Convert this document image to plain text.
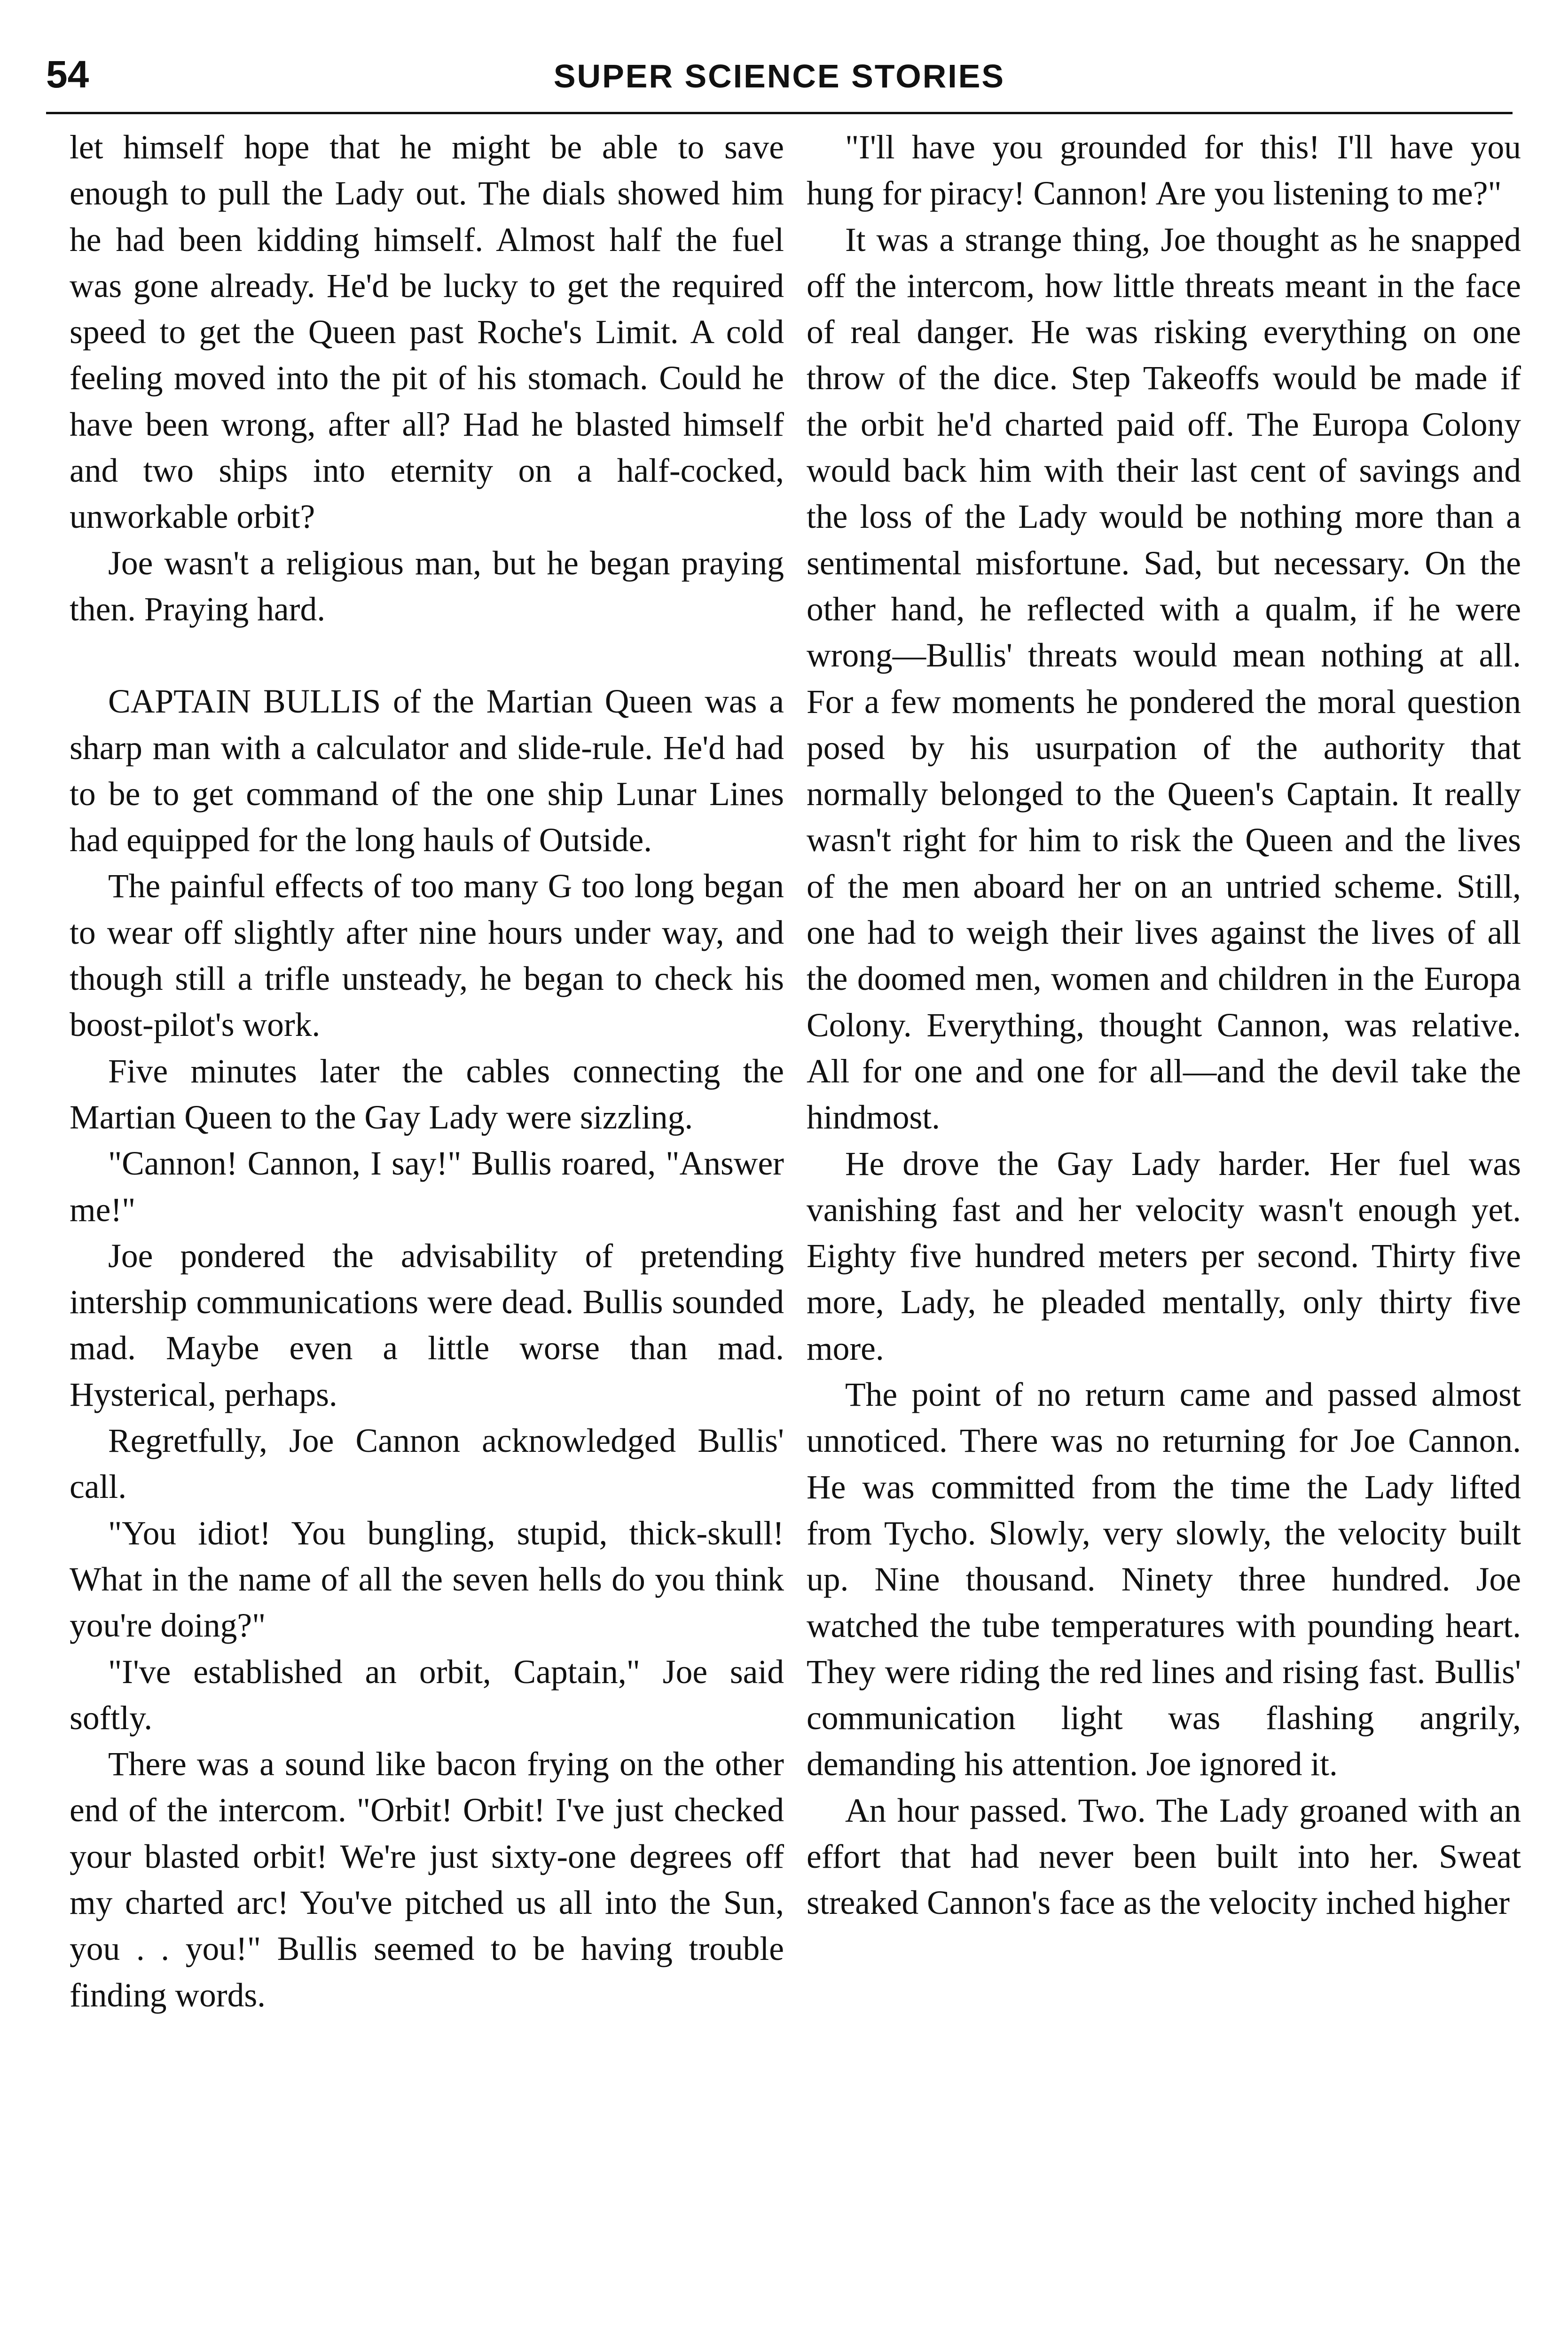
54	SUPER SCIENCE STORIES

let himself hope that he might be able to save enough to pull the Lady out. The dials showed him he had been kidding himself. Almost half the fuel was gone already. He'd be lucky to get the required speed to get the Queen past Roche's Limit. A cold feeling moved into the pit of his stomach. Could he have been wrong, after all? Had he blasted himself and two ships into eternity on a half-cocked, unworkable orbit?

Joe wasn't a religious man, but he began praying then. Praying hard.

CAPTAIN BULLIS of the Martian Queen was a sharp man with a calculator and slide-rule. He'd had to be to get command of the one ship Lunar Lines had equipped for the long hauls of Outside.

The painful effects of too many G too long began to wear off slightly after nine hours under way, and though still a trifle unsteady, he began to check his boost-pilot's work.

Five minutes later the cables connecting the Martian Queen to the Gay Lady were sizzling.

"Cannon! Cannon, I say!" Bullis roared, "Answer me!"

Joe pondered the advisability of pretending intership communications were dead. Bullis sounded mad. Maybe even a little worse than mad. Hysterical, perhaps.

Regretfully, Joe Cannon acknowledged Bullis' call.

"You idiot! You bungling, stupid, thick-skull! What in the name of all the seven hells do you think you're doing?"

"I've established an orbit, Captain," Joe said softly.

There was a sound like bacon frying on the other end of the intercom. "Orbit! Orbit! I've just checked your blasted orbit! We're just sixty-one degrees off my charted arc! You've pitched us all into the Sun, you . . you!" Bullis seemed to be having trouble finding words.

"I'll have you grounded for this! I'll have you hung for piracy! Cannon! Are you listening to me?"

It was a strange thing, Joe thought as he snapped off the intercom, how little threats meant in the face of real danger. He was risking everything on one throw of the dice. Step Takeoffs would be made if the orbit he'd charted paid off. The Europa Colony would back him with their last cent of savings and the loss of the Lady would be nothing more than a sentimental misfortune. Sad, but necessary. On the other hand, he reflected with a qualm, if he were wrong—Bullis' threats would mean nothing at all. For a few moments he pondered the moral question posed by his usurpation of the authority that normally belonged to the Queen's Captain. It really wasn't right for him to risk the Queen and the lives of the men aboard her on an untried scheme. Still, one had to weigh their lives against the lives of all the doomed men, women and children in the Europa Colony. Everything, thought Cannon, was relative. All for one and one for all—and the devil take the hindmost.

He drove the Gay Lady harder. Her fuel was vanishing fast and her velocity wasn't enough yet. Eighty five hundred meters per second. Thirty five more, Lady, he pleaded mentally, only thirty five more.

The point of no return came and passed almost unnoticed. There was no returning for Joe Cannon. He was committed from the time the Lady lifted from Tycho. Slowly, very slowly, the velocity built up. Nine thousand. Ninety three hundred. Joe watched the tube temperatures with pounding heart. They were riding the red lines and rising fast. Bullis' communication light was flashing angrily, demanding his attention. Joe ignored it.

An hour passed. Two. The Lady groaned with an effort that had never been built into her. Sweat streaked Cannon's face as the velocity inched higher
